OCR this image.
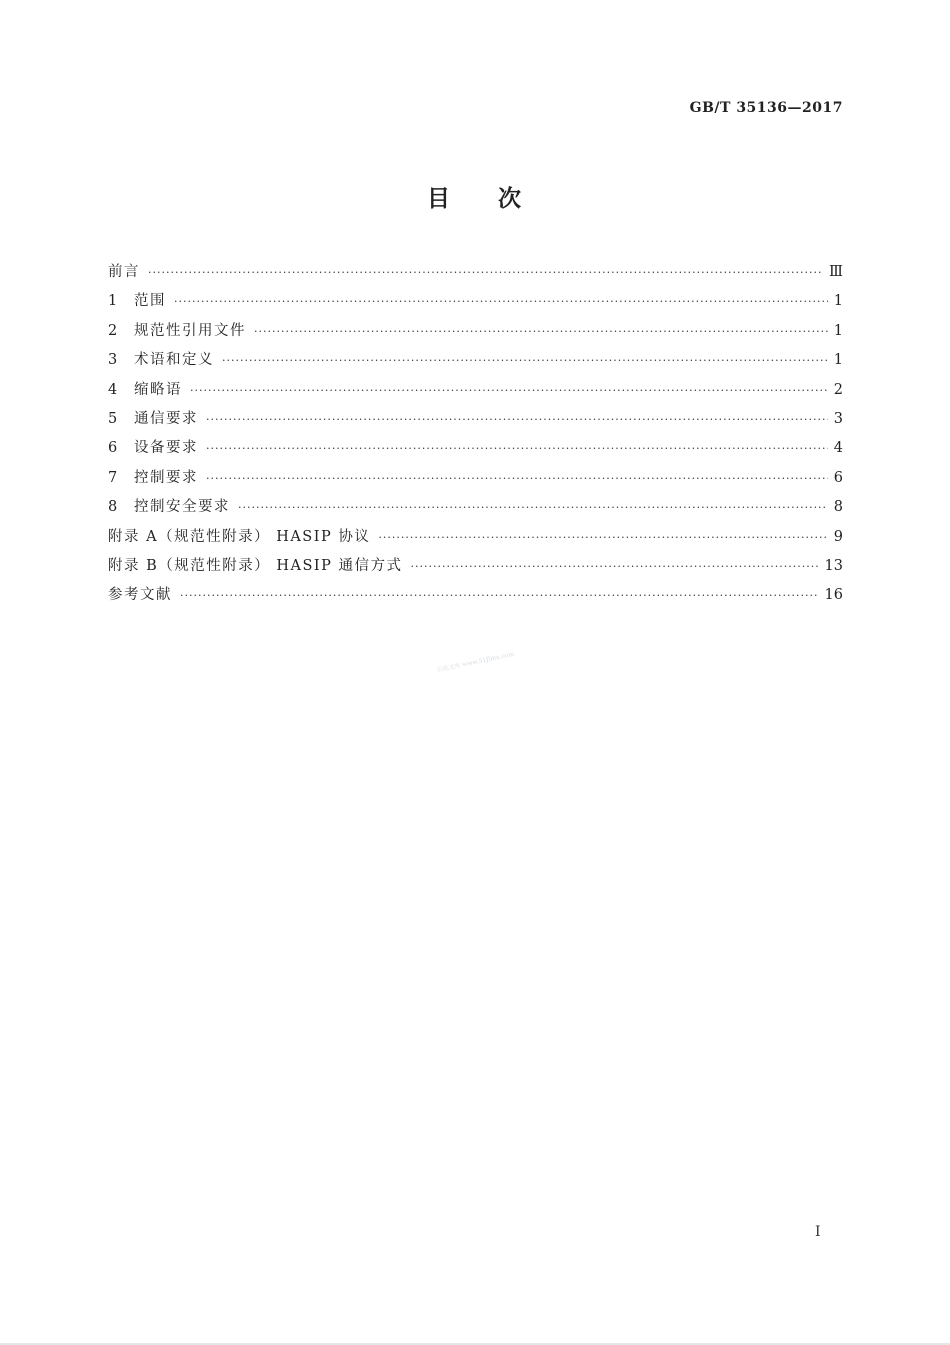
GB/T 35136—2017
目 次
前言 ·····	Ⅲ
1	范围 ·····	1
2	规范性引用文件 ·····	1
3	术语和定义 ·····	1
4	缩略语 ·····	2
5	通信要求 ·····	3
6	设备要求 ·····	4
7	控制要求 ·····	6
8	控制安全要求 ·····	8
附录 A（规范性附录） HASIP 协议 ·····	9
附录 B（规范性附录） HASIP 通信方式 ·····	13
参考文献 ·····	16
石化文库 www.51Jlmu.com
I
